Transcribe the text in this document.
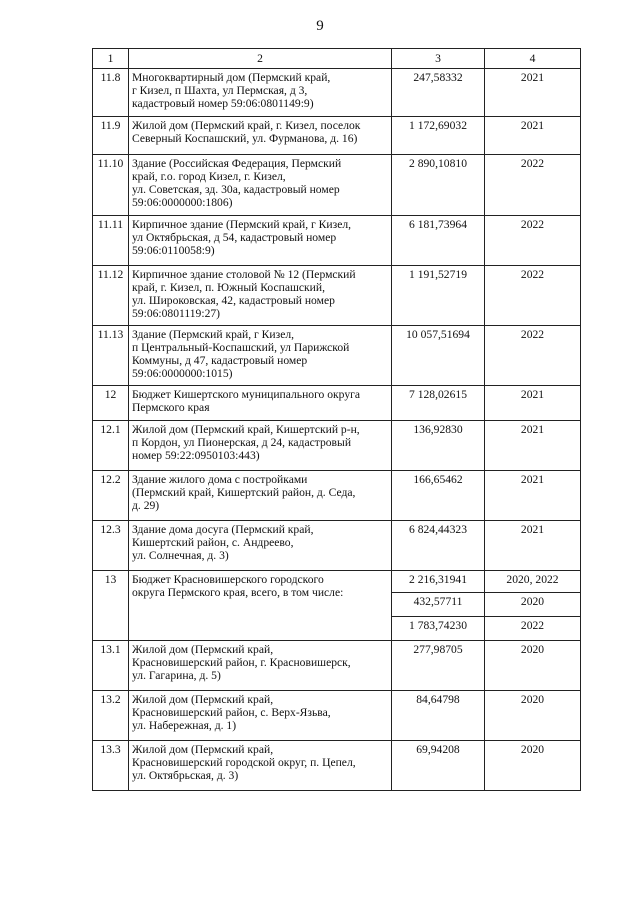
9
1	2	3	4
11.8	Многоквартирный дом (Пермский край,
г Кизел, п Шахта, ул Пермская, д 3,
кадастровый номер 59:06:0801149:9)	247,58332	2021
11.9	Жилой дом (Пермский край, г. Кизел, поселок
Северный Коспашский, ул. Фурманова, д. 16)	1 172,69032	2021
11.10	Здание (Российская Федерация, Пермский
край, г.о. город Кизел, г. Кизел,
ул. Советская, зд. 30а, кадастровый номер
59:06:0000000:1806)	2 890,10810	2022
11.11	Кирпичное здание (Пермский край, г Кизел,
ул Октябрьская, д 54, кадастровый номер
59:06:0110058:9)	6 181,73964	2022
11.12	Кирпичное здание столовой № 12 (Пермский
край, г. Кизел, п. Южный Коспашский,
ул. Широковская, 42, кадастровый номер
59:06:0801119:27)	1 191,52719	2022
11.13	Здание (Пермский край, г Кизел,
п Центральный-Коспашский, ул Парижской
Коммуны, д 47, кадастровый номер
59:06:0000000:1015)	10 057,51694	2022
12	Бюджет Кишертского муниципального округа
Пермского края	7 128,02615	2021
12.1	Жилой дом (Пермский край, Кишертский р-н,
п Кордон, ул Пионерская, д 24, кадастровый
номер 59:22:0950103:443)	136,92830	2021
12.2	Здание жилого дома с постройками
(Пермский край, Кишертский район, д. Седа,
д. 29)	166,65462	2021
12.3	Здание дома досуга (Пермский край,
Кишертский район, с. Андреево,
ул. Солнечная, д. 3)	6 824,44323	2021
13	Бюджет Красновишерского городского
округа Пермского края, всего, в том числе:	2 216,31941	2020, 2022
		432,57711	2020
		1 783,74230	2022
13.1	Жилой дом (Пермский край,
Красновишерский район, г. Красновишерск,
ул. Гагарина, д. 5)	277,98705	2020
13.2	Жилой дом (Пермский край,
Красновишерский район, с. Верх-Язьва,
ул. Набережная, д. 1)	84,64798	2020
13.3	Жилой дом (Пермский край,
Красновишерский городской округ, п. Цепел,
ул. Октябрьская, д. 3)	69,94208	2020
